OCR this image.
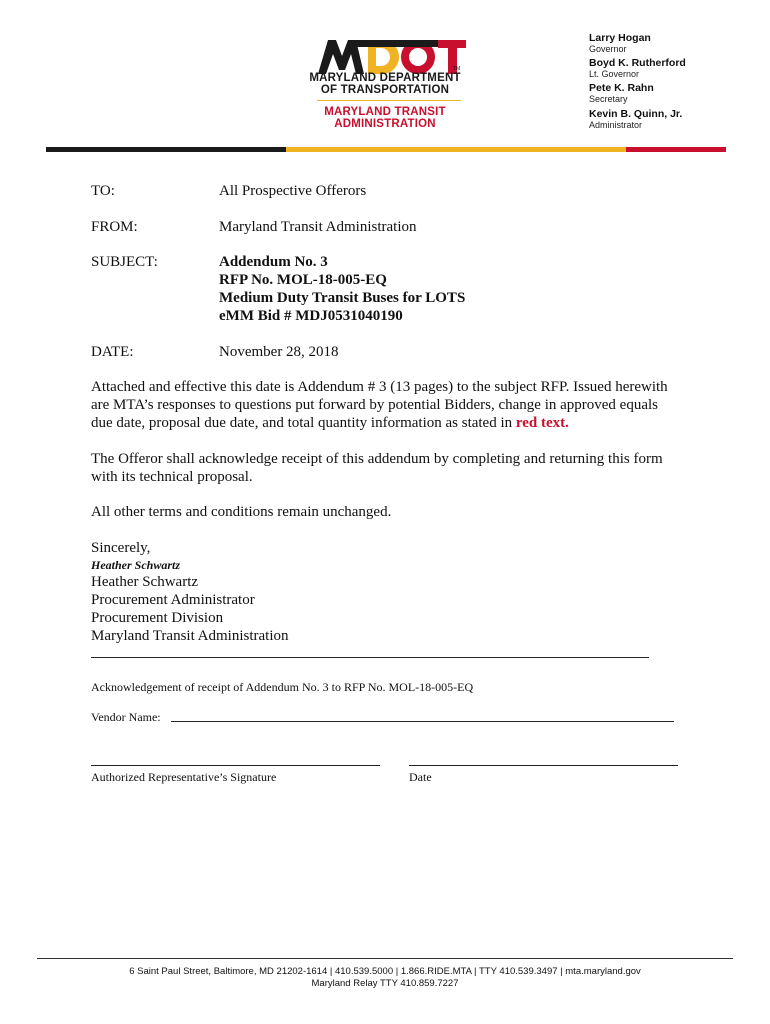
TM
MARYLAND DEPARTMENT
OF TRANSPORTATION
MARYLAND TRANSIT
ADMINISTRATION
Larry Hogan
Governor
Boyd K. Rutherford
Lt. Governor
Pete K. Rahn
Secretary
Kevin B. Quinn, Jr.
Administrator
TO:	All Prospective Offerors
FROM:	Maryland Transit Administration
SUBJECT:	Addendum No. 3
RFP No. MOL-18-005-EQ
Medium Duty Transit Buses for LOTS
eMM Bid # MDJ0531040190
DATE:	November 28, 2018
Attached and effective this date is Addendum # 3 (13 pages) to the subject RFP. Issued herewith
are MTA’s responses to questions put forward by potential Bidders, change in approved equals
due date, proposal due date, and total quantity information as stated in red text.
The Offeror shall acknowledge receipt of this addendum by completing and returning this form
with its technical proposal.
All other terms and conditions remain unchanged.
Sincerely,
Heather Schwartz
Heather Schwartz
Procurement Administrator
Procurement Division
Maryland Transit Administration
Acknowledgement of receipt of Addendum No. 3 to RFP No. MOL-18-005-EQ
Vendor Name:
Authorized Representative’s Signature	Date
6 Saint Paul Street, Baltimore, MD 21202-1614 | 410.539.5000 | 1.866.RIDE.MTA | TTY 410.539.3497 | mta.maryland.gov
Maryland Relay TTY 410.859.7227
